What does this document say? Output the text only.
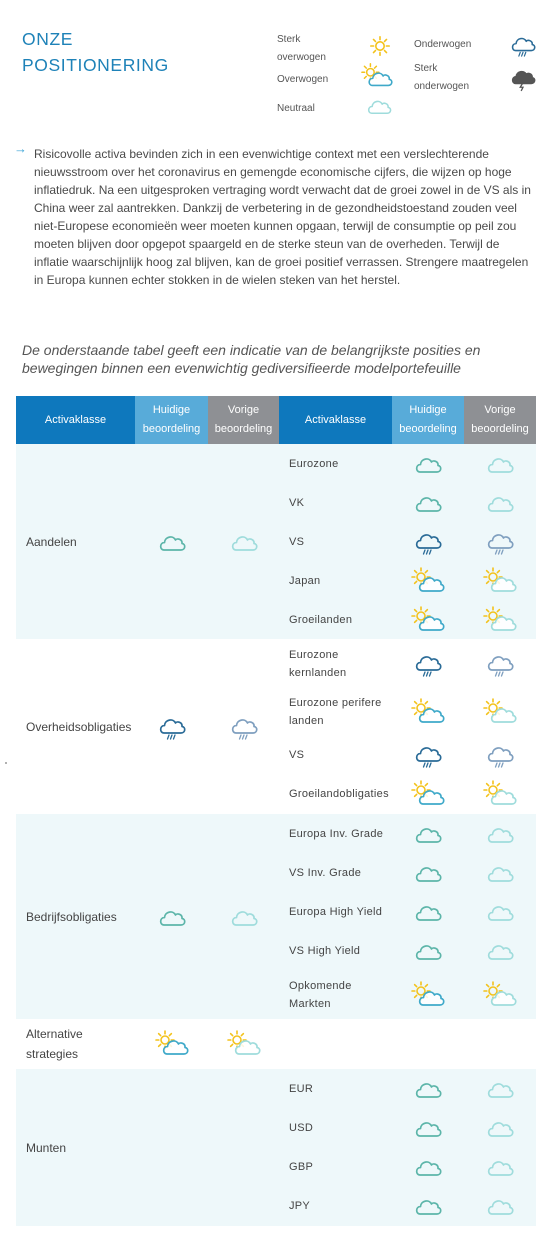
ONZE
POSITIONERING
Sterk overwogen
Overwogen
Neutraal
Onderwogen
Sterk onderwogen
→ Risicovolle activa bevinden zich in een evenwichtige context met een verslechterende nieuwsstroom over het coronavirus en gemengde economische cijfers, die wijzen op hoge inflatiedruk. Na een uitgesproken vertraging wordt verwacht dat de groei zowel in de VS als in China weer zal aantrekken. Dankzij de verbetering in de gezondheidstoestand zouden veel niet-Europese economieën weer moeten kunnen opgaan, terwijl de consumptie op peil zou moeten blijven door opgepot spaargeld en de sterke steun van de overheden. Terwijl de inflatie waarschijnlijk hoog zal blijven, kan de groei positief verrassen. Strengere maatregelen in Europa kunnen echter stokken in de wielen steken van het herstel.

De onderstaande tabel geeft een indicatie van de belangrijkste posities en bewegingen binnen een evenwichtig gediversifieerde modelportefeuille

Activaklasse
Huidige beoordeling
Vorige beoordeling
Activaklasse
Huidige beoordeling
Vorige beoordeling
Aandelen
Eurozone
VK
VS
Japan
Groeilanden
Overheidsobligaties
Eurozone kernlanden
Eurozone perifere landen
VS
Groeilandobligaties
Bedrijfsobligaties
Europa Inv. Grade
VS Inv. Grade
Europa High Yield
VS High Yield
Opkomende Markten
Alternative strategies
Munten
EUR
USD
GBP
JPY
